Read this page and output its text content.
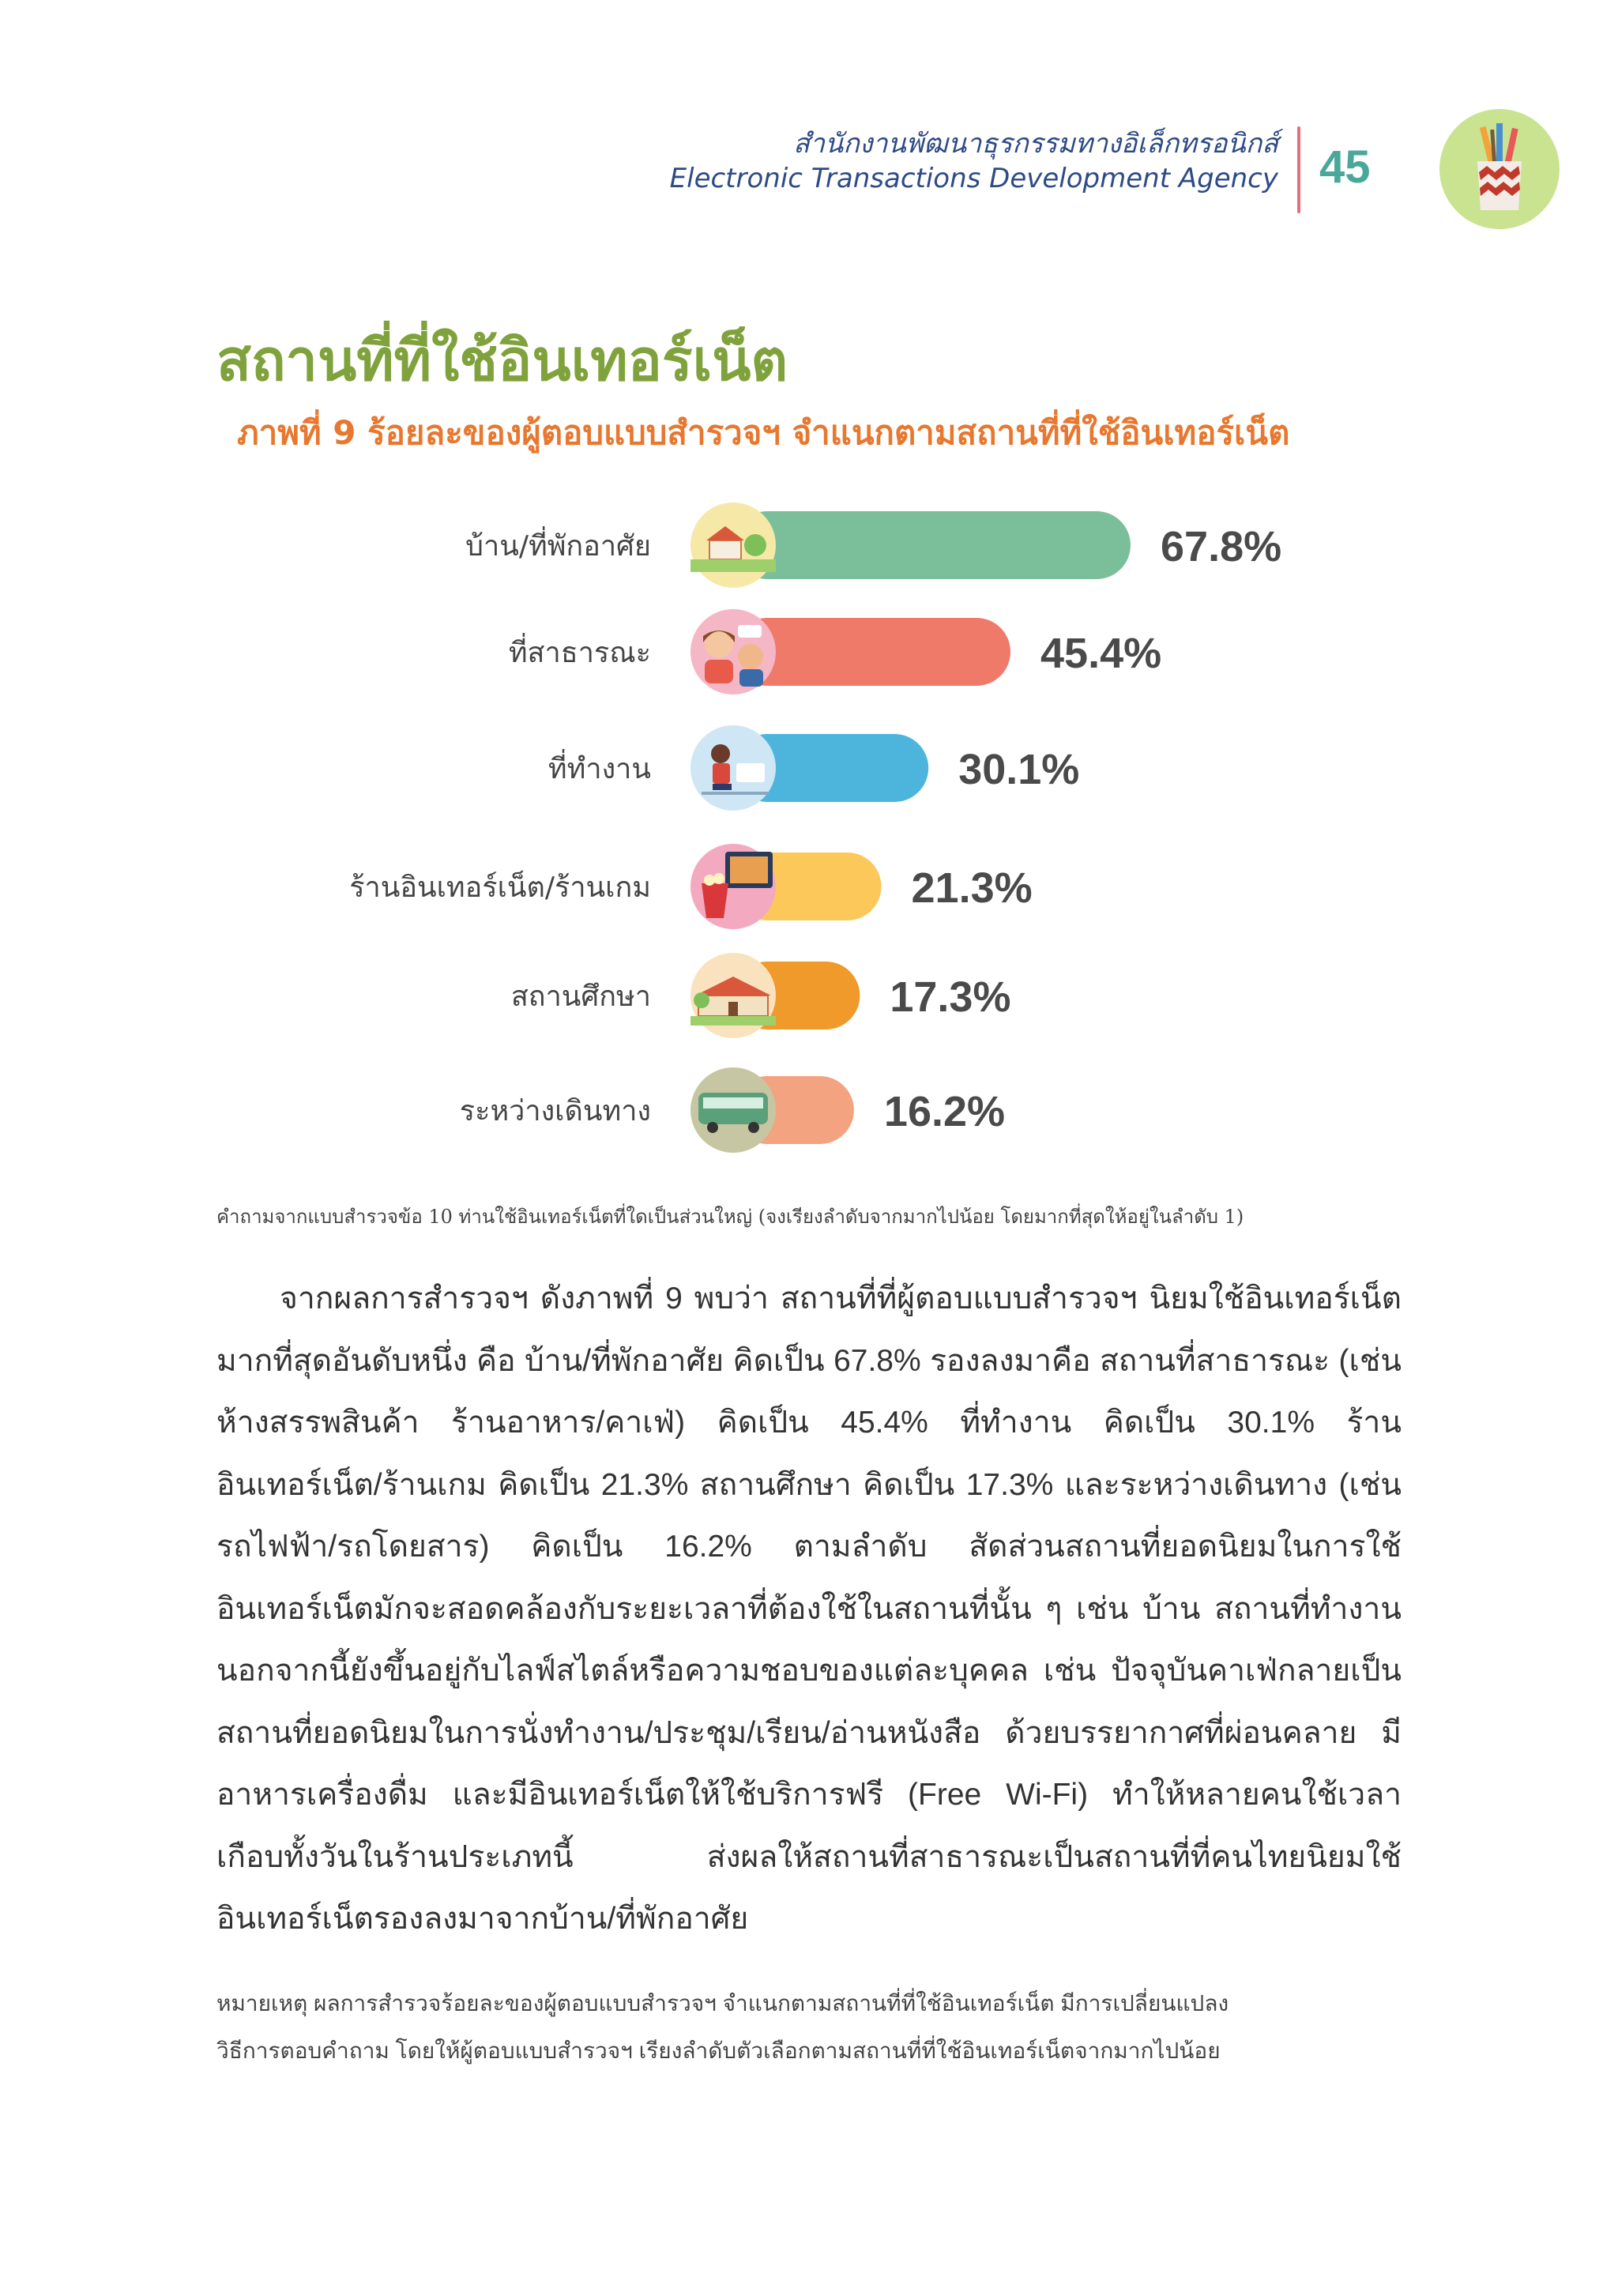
สำนักงานพัฒนาธุรกรรมทางอิเล็กทรอนิกส์
Electronic Transactions Development Agency 45
สถานที่ที่ใช้อินเทอร์เน็ต
ภาพที่ 9 ร้อยละของผู้ตอบแบบสำรวจฯ จำแนกตามสถานที่ที่ใช้อินเทอร์เน็ต
บ้าน/ที่พักอาศัย	67.8%
ที่สาธารณะ	45.4%
ที่ทำงาน	30.1%
ร้านอินเทอร์เน็ต/ร้านเกม	21.3%
สถานศึกษา	17.3%
ระหว่างเดินทาง	16.2%
คำถามจากแบบสำรวจข้อ 10 ท่านใช้อินเทอร์เน็ตที่ใดเป็นส่วนใหญ่ (จงเรียงลำดับจากมากไปน้อย โดยมากที่สุดให้อยู่ในลำดับ 1)

จากผลการสำรวจฯ ดังภาพที่ 9 พบว่า สถานที่ที่ผู้ตอบแบบสำรวจฯ นิยมใช้อินเทอร์เน็ตมากที่สุดอันดับหนึ่ง คือ บ้าน/ที่พักอาศัย คิดเป็น 67.8% รองลงมาคือ สถานที่สาธารณะ (เช่น ห้างสรรพสินค้า ร้านอาหาร/คาเฟ่) คิดเป็น 45.4% ที่ทำงาน คิดเป็น 30.1% ร้านอินเทอร์เน็ต/ร้านเกม คิดเป็น 21.3% สถานศึกษา คิดเป็น 17.3% และระหว่างเดินทาง (เช่น รถไฟฟ้า/รถโดยสาร) คิดเป็น 16.2% ตามลำดับ สัดส่วนสถานที่ยอดนิยมในการใช้อินเทอร์เน็ตมักจะสอดคล้องกับระยะเวลาที่ต้องใช้ในสถานที่นั้น ๆ เช่น บ้าน สถานที่ทำงาน นอกจากนี้ยังขึ้นอยู่กับไลฟ์สไตล์หรือความชอบของแต่ละบุคคล เช่น ปัจจุบันคาเฟ่กลายเป็นสถานที่ยอดนิยมในการนั่งทำงาน/ประชุม/เรียน/อ่านหนังสือ ด้วยบรรยากาศที่ผ่อนคลาย มีอาหารเครื่องดื่ม และมีอินเทอร์เน็ตให้ใช้บริการฟรี (Free Wi-Fi) ทำให้หลายคนใช้เวลาเกือบทั้งวันในร้านประเภทนี้ ส่งผลให้สถานที่สาธารณะเป็นสถานที่ที่คนไทยนิยมใช้อินเทอร์เน็ตรองลงมาจากบ้าน/ที่พักอาศัย

หมายเหตุ ผลการสำรวจร้อยละของผู้ตอบแบบสำรวจฯ จำแนกตามสถานที่ที่ใช้อินเทอร์เน็ต มีการเปลี่ยนแปลง
วิธีการตอบคำถาม โดยให้ผู้ตอบแบบสำรวจฯ เรียงลำดับตัวเลือกตามสถานที่ที่ใช้อินเทอร์เน็ตจากมากไปน้อย
